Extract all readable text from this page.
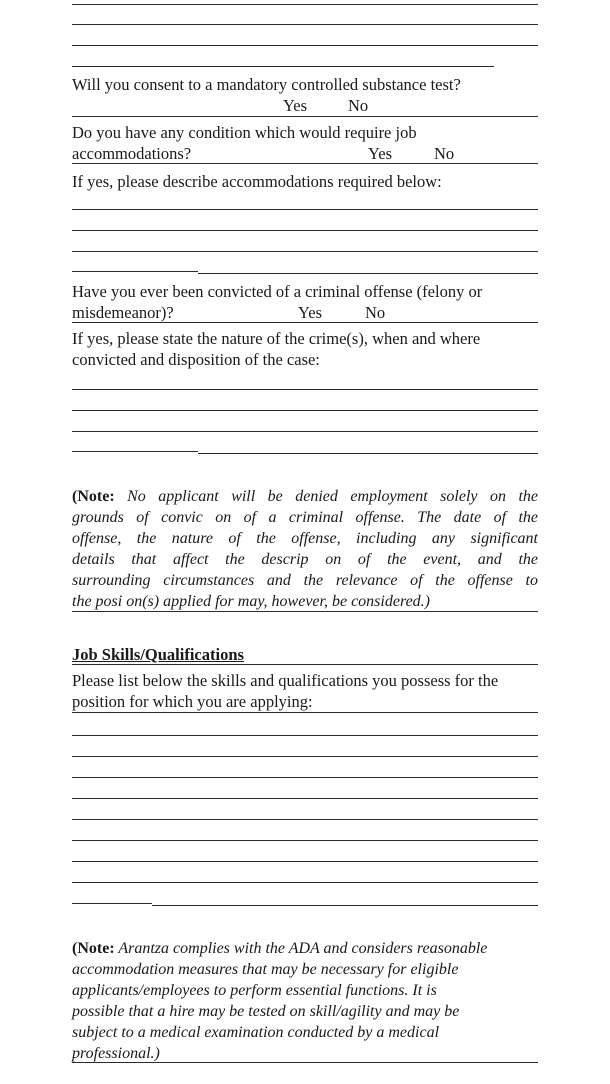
Will you consent to a mandatory controlled substance test?
Yes No
Do you have any condition which would require job
accommodations?	Yes	No
If yes, please describe accommodations required below:
Have you ever been convicted of a criminal offense (felony or
misdemeanor)?	Yes	No
If yes, please state the nature of the crime(s), when and where
convicted and disposition of the case:
(Note: No applicant will be denied employment solely on the
grounds of convic on of a criminal offense. The date of the
offense, the nature of the offense, including any significant
details that affect the descrip on of the event, and the
surrounding circumstances and the relevance of the offense to
the posi on(s) applied for may, however, be considered.)
Job Skills/Qualifications
Please list below the skills and qualifications you possess for the
position for which you are applying:
(Note: Arantza complies with the ADA and considers reasonable
accommodation measures that may be necessary for eligible
applicants/employees to perform essential functions. It is
possible that a hire may be tested on skill/agility and may be
subject to a medical examination conducted by a medical
professional.)
